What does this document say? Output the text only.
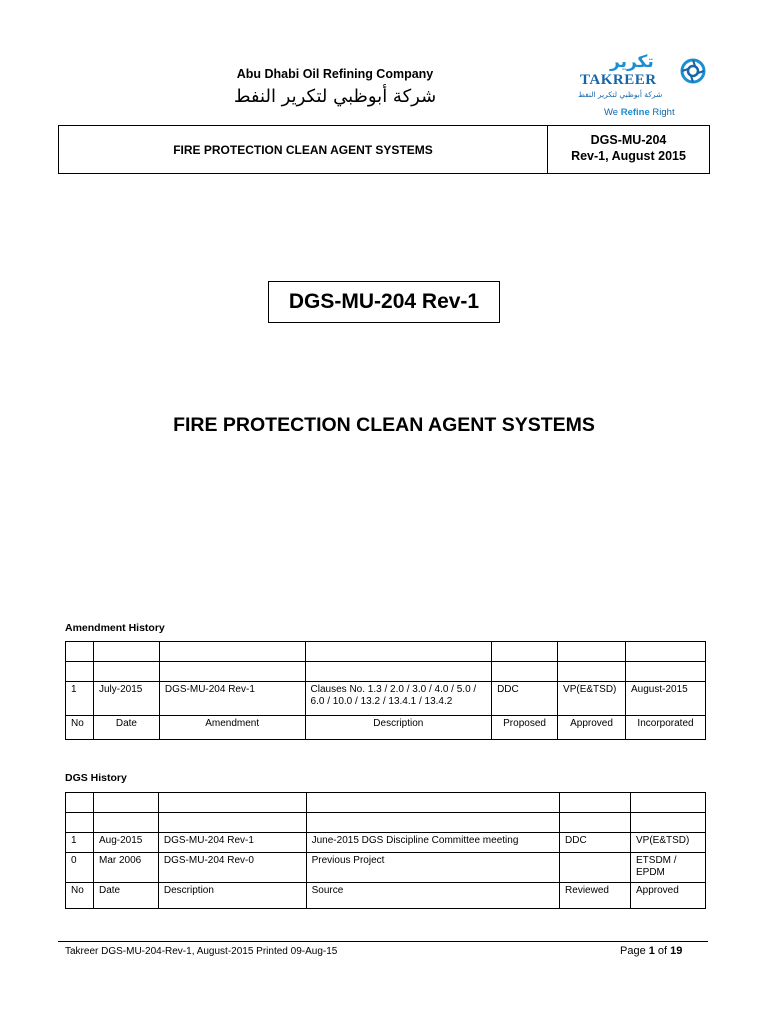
Abu Dhabi Oil Refining Company
شركة أبوظبي لتكرير النفط
تكرير
TAKREER
شركة أبوظبي لتكرير النفط
We Refine Right
FIRE PROTECTION CLEAN AGENT SYSTEMS
DGS-MU-204
Rev-1, August 2015
DGS-MU-204 Rev-1
FIRE PROTECTION CLEAN AGENT SYSTEMS
Amendment History

1	July-2015	DGS-MU-204 Rev-1	Clauses No. 1.3 / 2.0 / 3.0 / 4.0 / 5.0 / 6.0 / 10.0 / 13.2 / 13.4.1 / 13.4.2	DDC	VP(E&TSD)	August-2015
No	Date	Amendment	Description	Proposed	Approved	Incorporated
DGS History

1	Aug-2015	DGS-MU-204 Rev-1	June-2015 DGS Discipline Committee meeting	DDC	VP(E&TSD)
0	Mar 2006	DGS-MU-204 Rev-0	Previous Project		ETSDM / EPDM
No	Date	Description	Source	Reviewed	Approved
Takreer DGS-MU-204-Rev-1, August-2015 Printed 09-Aug-15	Page 1 of 19
